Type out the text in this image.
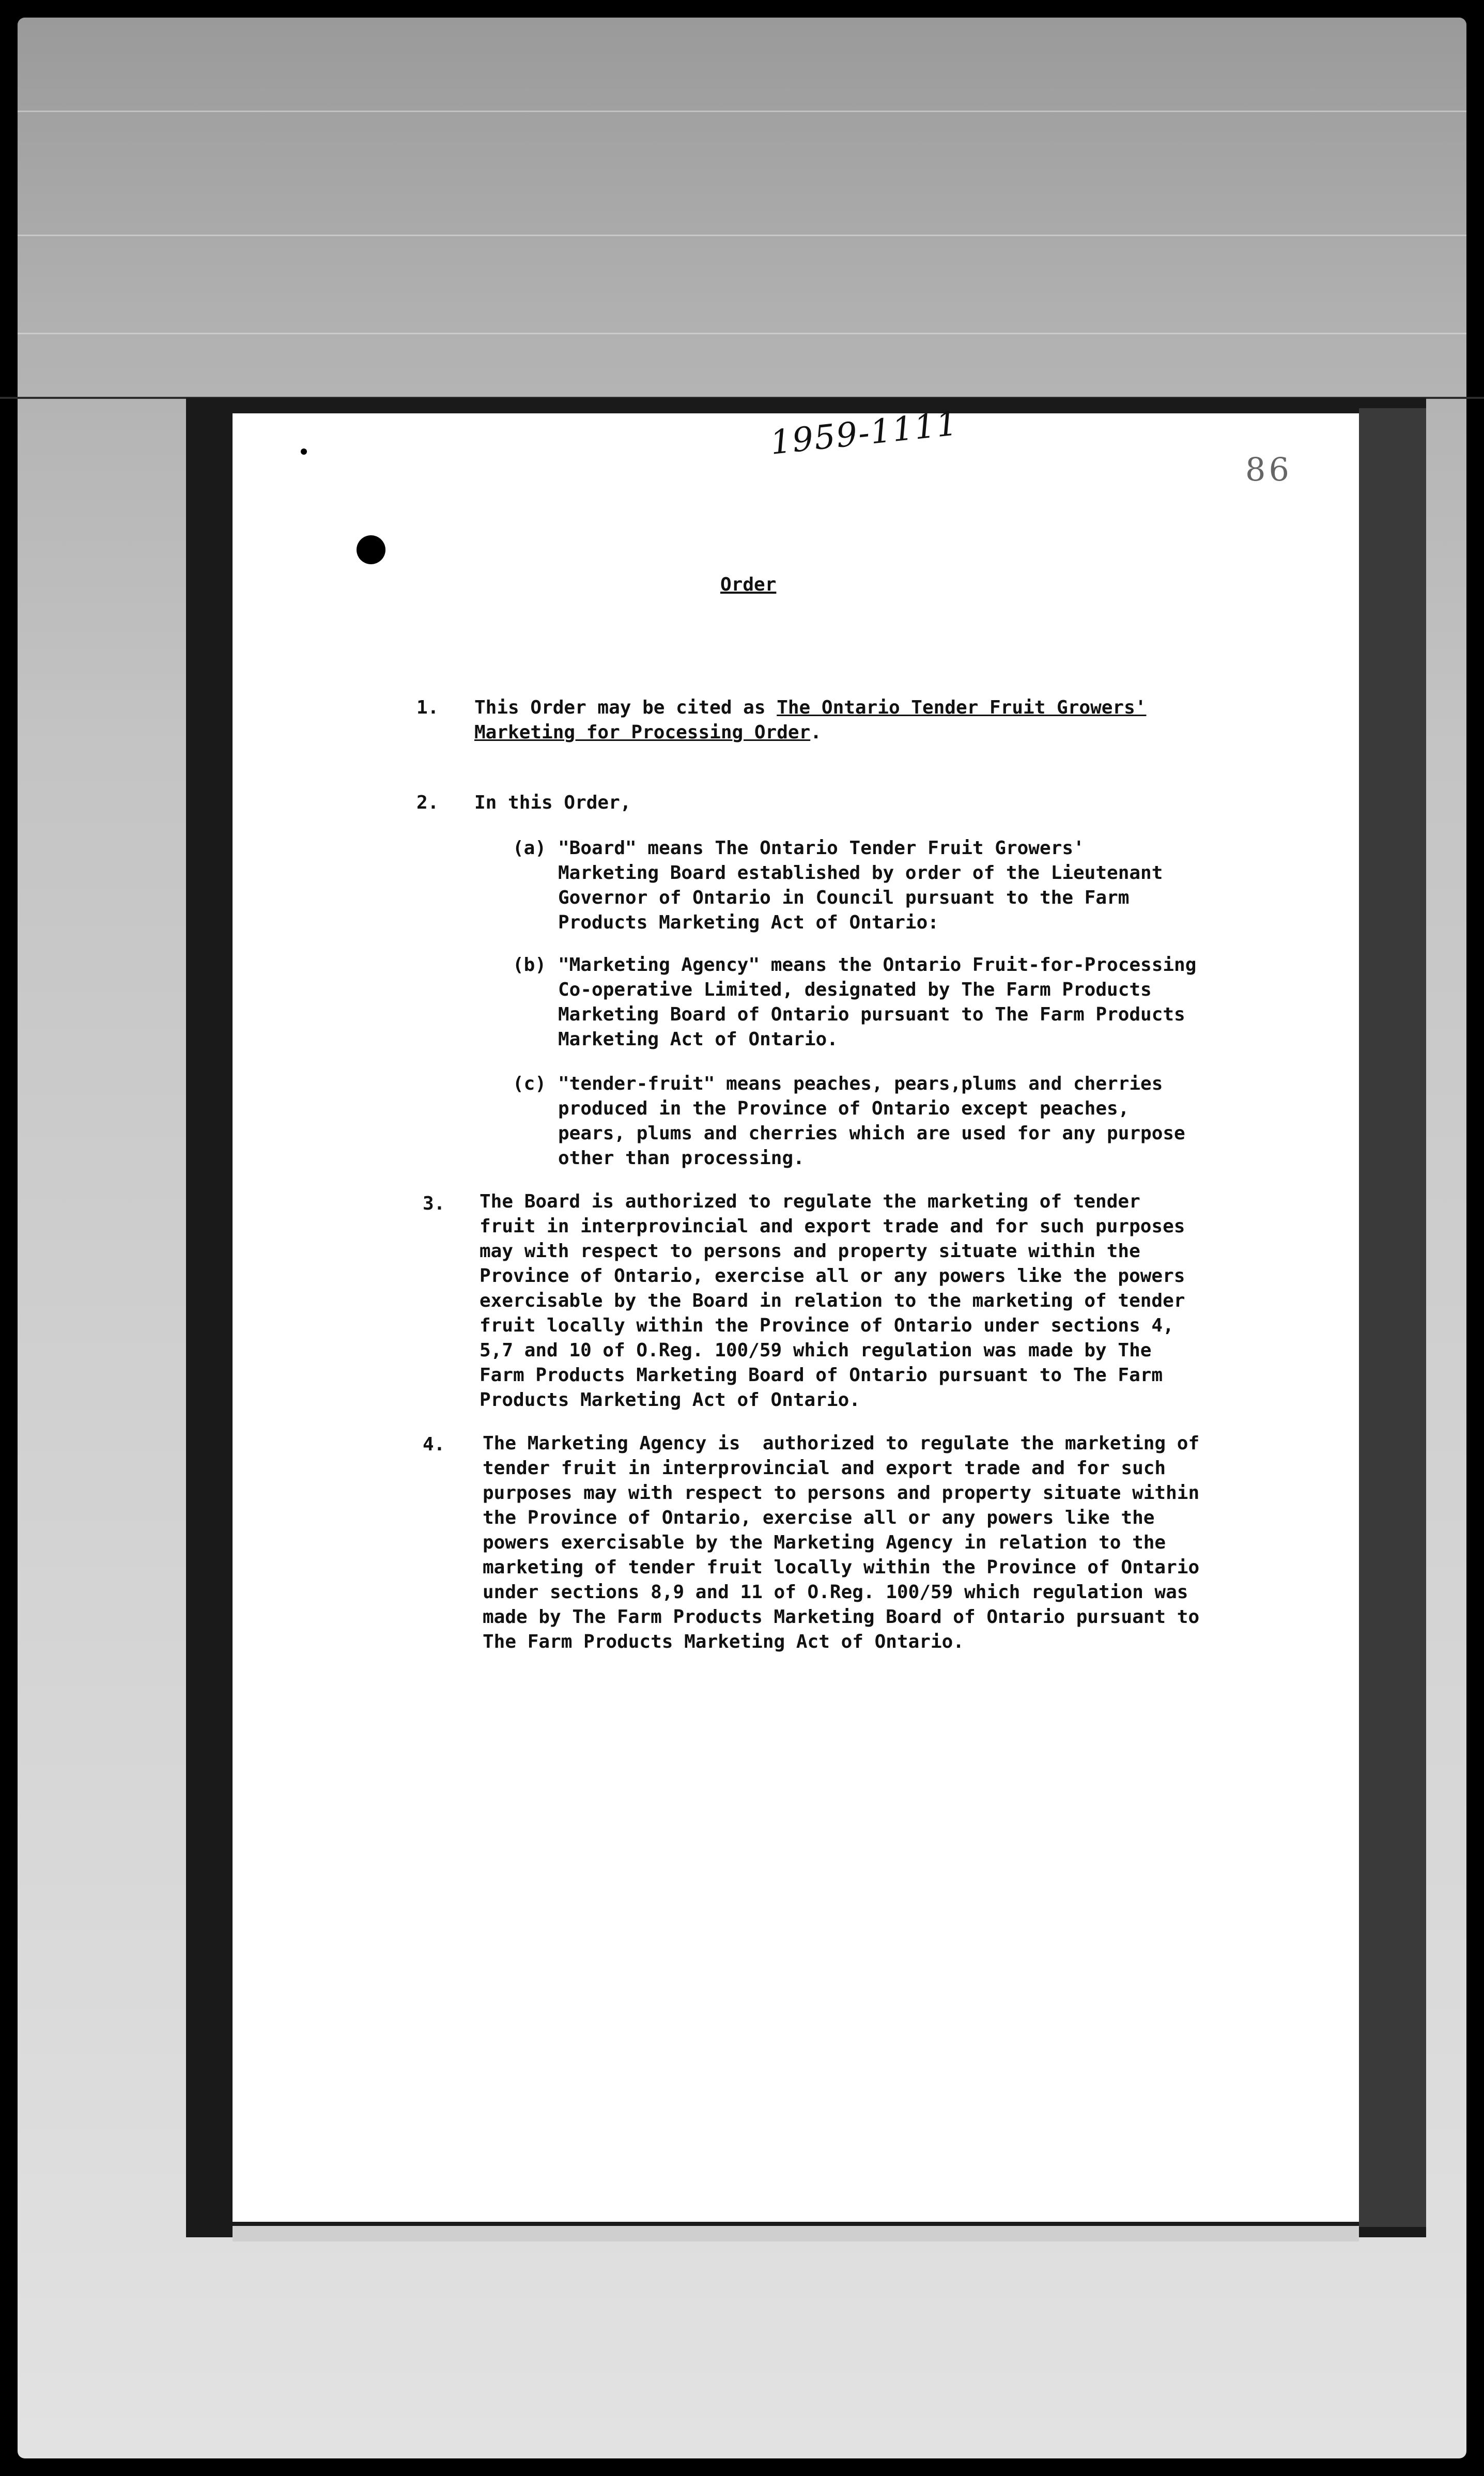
1959-1111
86
Order
1. This Order may be cited as The Ontario Tender Fruit Growers'
Marketing for Processing Order.
2. In this Order,
(a) "Board" means The Ontario Tender Fruit Growers'
Marketing Board established by order of the Lieutenant
Governor of Ontario in Council pursuant to the Farm
Products Marketing Act of Ontario:
(b) "Marketing Agency" means the Ontario Fruit-for-Processing
Co-operative Limited, designated by The Farm Products
Marketing Board of Ontario pursuant to The Farm Products
Marketing Act of Ontario.
(c) "tender-fruit" means peaches, pears,plums and cherries
produced in the Province of Ontario except peaches,
pears, plums and cherries which are used for any purpose
other than processing.
3. The Board is authorized to regulate the marketing of tender
fruit in interprovincial and export trade and for such purposes
may with respect to persons and property situate within the
Province of Ontario, exercise all or any powers like the powers
exercisable by the Board in relation to the marketing of tender
fruit locally within the Province of Ontario under sections 4,
5,7 and 10 of O.Reg. 100/59 which regulation was made by The
Farm Products Marketing Board of Ontario pursuant to The Farm
Products Marketing Act of Ontario.
4. The Marketing Agency is  authorized to regulate the marketing of
tender fruit in interprovincial and export trade and for such
purposes may with respect to persons and property situate within
the Province of Ontario, exercise all or any powers like the
powers exercisable by the Marketing Agency in relation to the
marketing of tender fruit locally within the Province of Ontario
under sections 8,9 and 11 of O.Reg. 100/59 which regulation was
made by The Farm Products Marketing Board of Ontario pursuant to
The Farm Products Marketing Act of Ontario.
